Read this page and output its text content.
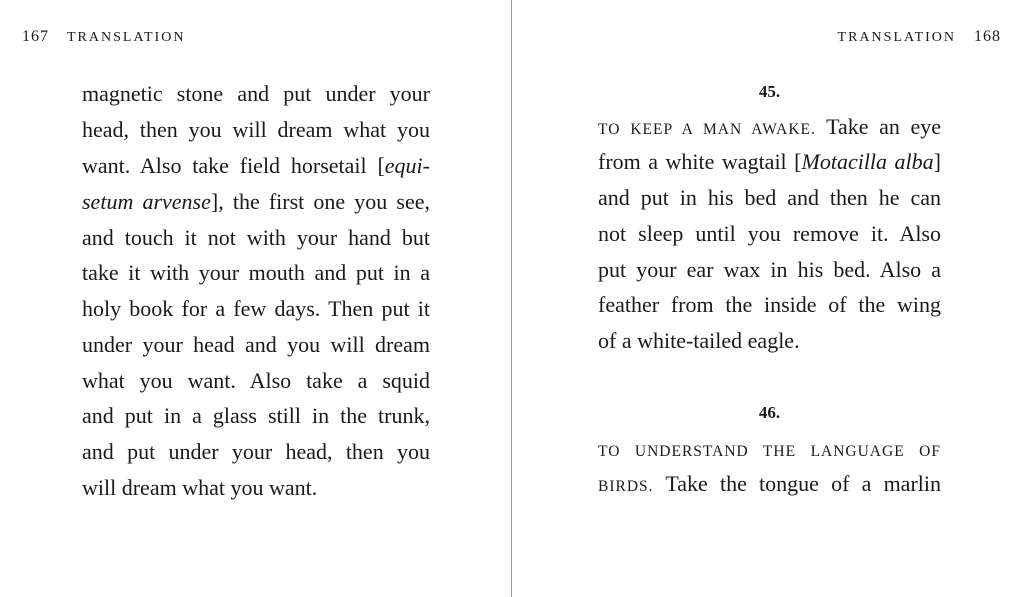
167 TRANSLATION
magnetic stone and put under your
head, then you will dream what you
want. Also take field horsetail [equi-
setum arvense], the first one you see,
and touch it not with your hand but
take it with your mouth and put in a
holy book for a few days. Then put it
under your head and you will dream
what you want. Also take a squid
and put in a glass still in the trunk,
and put under your head, then you
will dream what you want.
TRANSLATION 168
45.
TO KEEP A MAN AWAKE. Take an eye
from a white wagtail [Motacilla alba]
and put in his bed and then he can
not sleep until you remove it. Also
put your ear wax in his bed. Also a
feather from the inside of the wing
of a white-tailed eagle.
46.
TO UNDERSTAND THE LANGUAGE OF
BIRDS. Take the tongue of a marlin
